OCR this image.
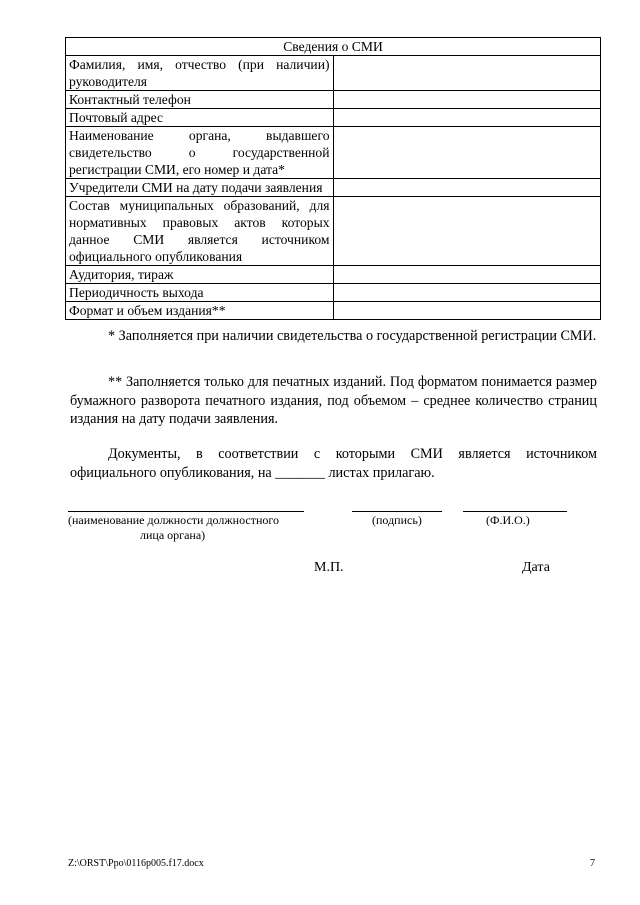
Сведения о СМИ	
Фамилия, имя, отчество (при наличии) руководителя	
Контактный телефон	
Почтовый адрес	
Наименование органа, выдавшего свидетельство о государственной регистрации СМИ, его номер и дата*	
Учредители СМИ на дату подачи заявления	
Состав муниципальных образований, для нормативных правовых актов которых данное СМИ является источником официального опубликования	
Аудитория, тираж	
Периодичность выхода	
Формат и объем издания**	

* Заполняется при наличии свидетельства о государственной регистрации СМИ.

** Заполняется только для печатных изданий. Под форматом понимается размер бумажного разворота печатного издания, под объемом – среднее количество страниц издания на дату подачи заявления.

Документы, в соответствии с которыми СМИ является источником официального опубликования, на _______ листах прилагаю.

(наименование должности должностного
лица органа)
(подпись)	(Ф.И.О.)
М.П.	Дата
Z:\ORST\Ppo\0116p005.f17.docx	7
